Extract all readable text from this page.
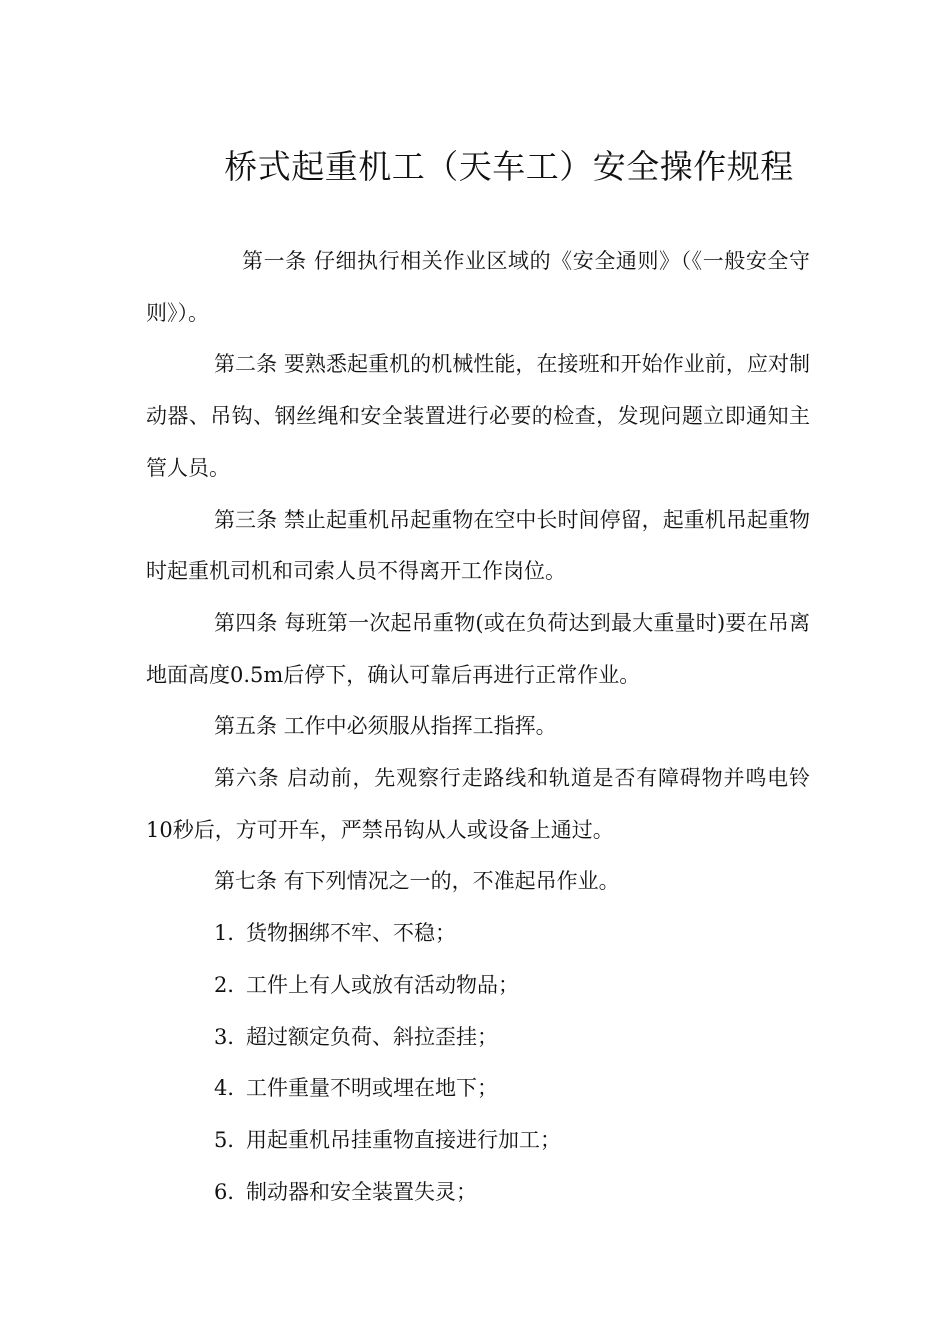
桥式起重机工（天车工）安全操作规程

第一条 仔细执行相关作业区域的《安全通则》（《一般安全守则》）。

第二条 要熟悉起重机的机械性能，在接班和开始作业前，应对制动器、吊钩、钢丝绳和安全装置进行必要的检查，发现问题立即通知主管人员。

第三条 禁止起重机吊起重物在空中长时间停留，起重机吊起重物时起重机司机和司索人员不得离开工作岗位。

第四条 每班第一次起吊重物(或在负荷达到最大重量时)要在吊离地面高度0.5m后停下，确认可靠后再进行正常作业。

第五条 工作中必须服从指挥工指挥。

第六条 启动前，先观察行走路线和轨道是否有障碍物并鸣电铃10秒后，方可开车，严禁吊钩从人或设备上通过。

第七条 有下列情况之一的，不准起吊作业。

1．货物捆绑不牢、不稳；

2．工件上有人或放有活动物品；

3．超过额定负荷、斜拉歪挂；

4．工件重量不明或埋在地下；

5．用起重机吊挂重物直接进行加工；

6．制动器和安全装置失灵；
